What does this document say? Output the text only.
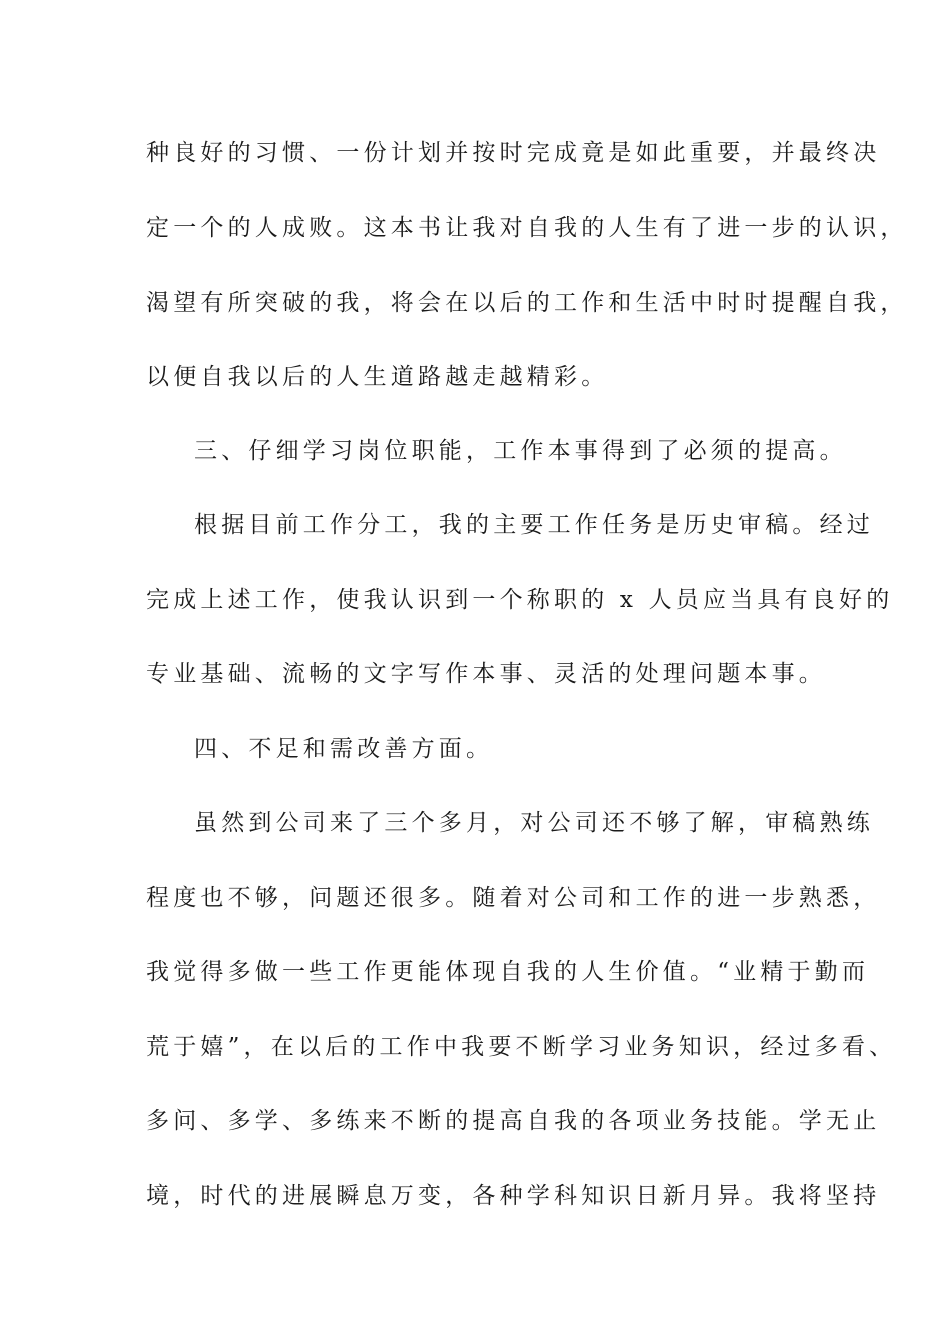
种良好的习惯、一份计划并按时完成竟是如此重要，并最终决
定一个的人成败。这本书让我对自我的人生有了进一步的认识，
渴望有所突破的我，将会在以后的工作和生活中时时提醒自我，
以便自我以后的人生道路越走越精彩。
三、仔细学习岗位职能，工作本事得到了必须的提高。
根据目前工作分工，我的主要工作任务是历史审稿。经过
完成上述工作，使我认识到一个称职的 x 人员应当具有良好的
专业基础、流畅的文字写作本事、灵活的处理问题本事。
四、不足和需改善方面。
虽然到公司来了三个多月，对公司还不够了解，审稿熟练
程度也不够，问题还很多。随着对公司和工作的进一步熟悉，
我觉得多做一些工作更能体现自我的人生价值。“业精于勤而
荒于嬉”，在以后的工作中我要不断学习业务知识，经过多看、
多问、多学、多练来不断的提高自我的各项业务技能。学无止
境，时代的进展瞬息万变，各种学科知识日新月异。我将坚持
